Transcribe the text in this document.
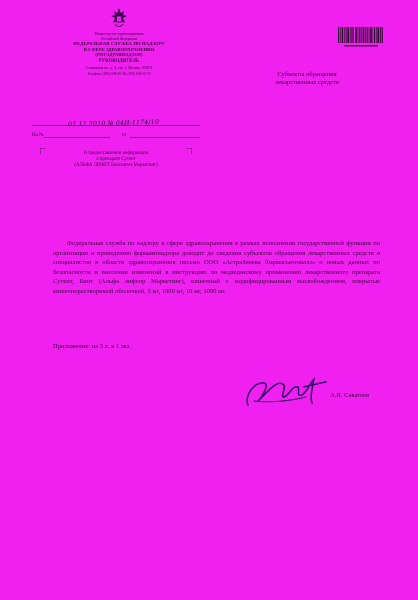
Министерство здравоохранения
Российской Федерации
ФЕДЕРАЛЬНАЯ СЛУЖБА ПО НАДЗОРУ
В СФЕРЕ ЗДРАВООХРАНЕНИЯ
(РОСЗДРАВНАДЗОР)
РУКОВОДИТЕЛЬ
Славянская пл., д. 4, стр. 1, Москва, 109074
Телефон: (495) 698 45 38; (495) 698 15 74
07.12.2010 № 04И-1174/10
На №	от
О предоставлении информации
о препарате Сутент
(АЛЬФА ЛИФЕТ Биосинтез Маркетинг)
Субъекты обращения
лекарственных средств

Федеральная служба по надзору в сфере здравоохранения в рамках исполнения государственной функции по организации и проведению фармаконадзора доводит до сведения субъектов обращения лекарственных средств и специалистов в области здравоохранения письмо ООО «АстраЗенека Фармасьютикалз» о новых данных по безопасности и внесении изменений в инструкцию по медицинскому применению лекарственного препарата Сутент, Бинт (Альфа лифеир Маркетинг), кишечный с модифицированным высвобождением, покрытые кишечнорастворимой оболочкой, 5 мг, 1000 мг, 10 мг, 1000 мг.

Приложение: на 3 л. в 1 экз.
А.В. Саватеев
